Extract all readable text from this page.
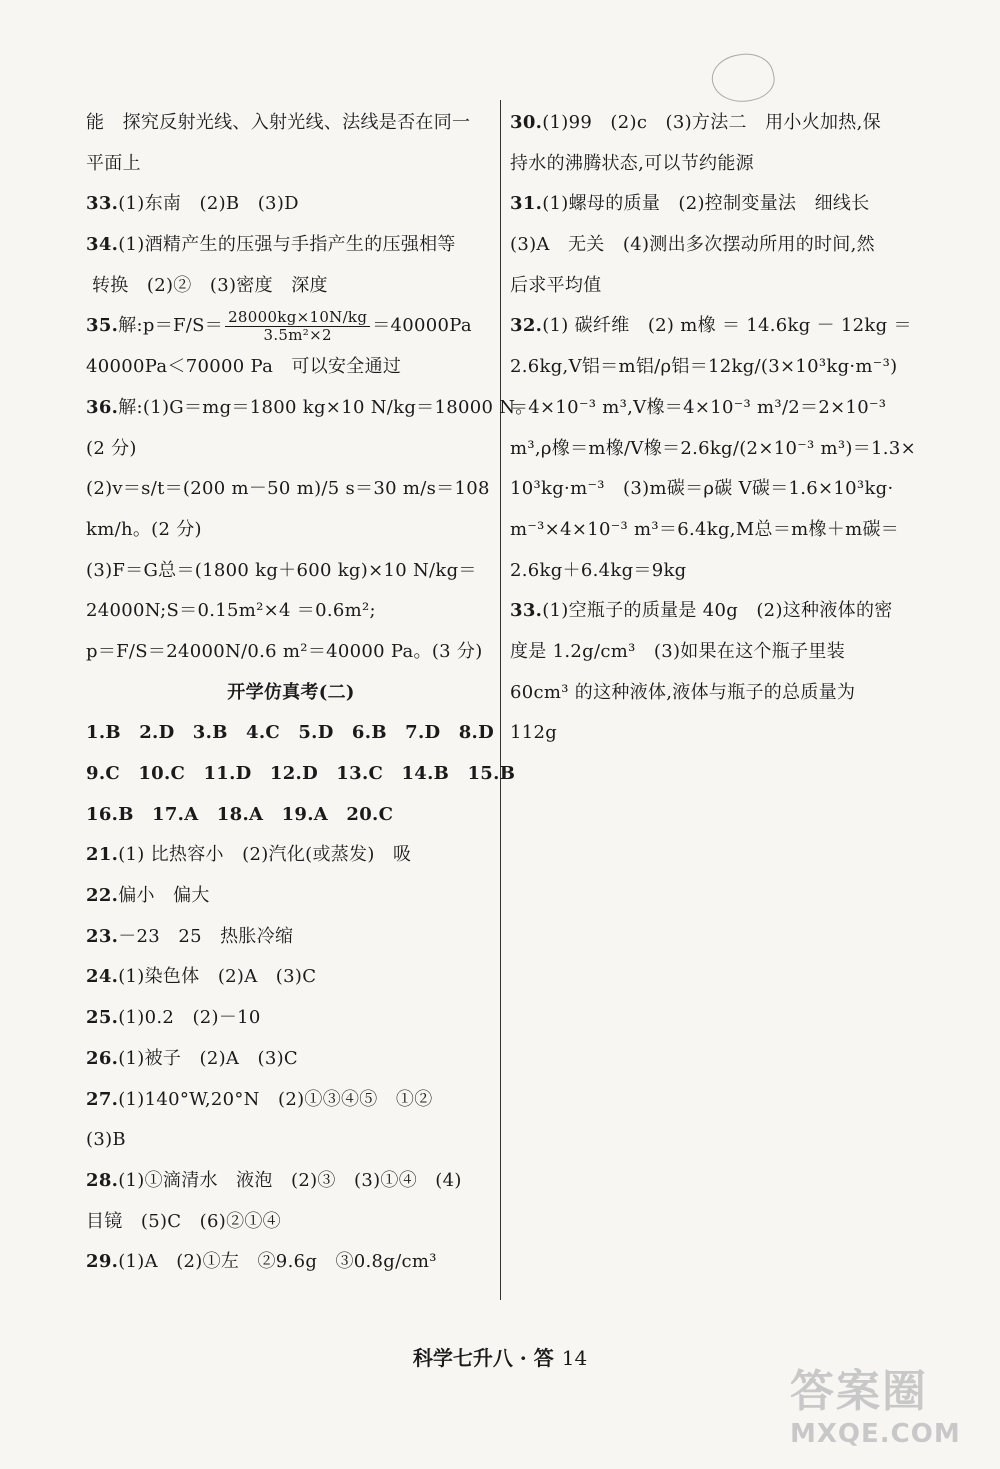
能　探究反射光线、入射光线、法线是否在同一
平面上
33.(1)东南　(2)B　(3)D
34.(1)酒精产生的压强与手指产生的压强相等
转换　(2)②　(3)密度　深度
35.解:p＝F/S＝ $\frac{28000kg\times 10N/kg}{\text{3.5m²×2}} =40000Pa$
40000Pa＜70000 Pa　可以安全通过
36.解:(1)G＝mg＝1800 kg×10 N/kg＝18000 N。
(2 分)
(2)v＝s/t＝(200 m－50 m)/5 s＝30 m/s＝108
km/h。(2 分)
(3)F＝G总＝(1800 kg＋600 kg)×10 N/kg＝
24000N;S＝0.15m²×4 ＝0.6m²;
p＝F/S＝24000N/0.6 m²＝40000 Pa。(3 分)
开学仿真考(二)
1.B　2.D　3.B　4.C　5.D　6.B　7.D　8.D
9.C　10.C　11.D　12.D　13.C　14.B　15.B
16.B　17.A　18.A　19.A　20.C
21.(1) 比热容小　(2)汽化(或蒸发)　吸
22.偏小　偏大
23.－23　25　热胀冷缩
24.(1)染色体　(2)A　(3)C
25.(1)0.2　(2)－10
26.(1)被子　(2)A　(3)C
27.(1)140°W,20°N　(2)①③④⑤　①②
(3)B
28.(1)①滴清水　液泡　(2)③　(3)①④　(4)
目镜　(5)C　(6)②①④
29.(1)A　(2)①左　②9.6g　③0.8g/cm³
30.(1)99　(2)c　(3)方法二　用小火加热,保
持水的沸腾状态,可以节约能源
31.(1)螺母的质量　(2)控制变量法　细线长
(3)A　无关　(4)测出多次摆动所用的时间,然
后求平均值
32.(1) 碳纤维　(2) m橡 ＝ 14.6kg － 12kg ＝
2.6kg,V铝＝m铝/ρ铝＝12kg/(3×10³kg·m⁻³)
＝4×10⁻³ m³,V橡＝4×10⁻³ m³/2＝2×10⁻³
m³,ρ橡＝m橡/V橡＝2.6kg/(2×10⁻³ m³)＝1.3×
10³kg·m⁻³　(3)m碳＝ρ碳 V碳＝1.6×10³kg·
m⁻³×4×10⁻³ m³＝6.4kg,M总＝m橡＋m碳＝
2.6kg＋6.4kg＝9kg
33.(1)空瓶子的质量是 40g　(2)这种液体的密
度是 1.2g/cm³　(3)如果在这个瓶子里装
60cm³ 的这种液体,液体与瓶子的总质量为
112g
科学七升八 · 答 14
答案圈
MXQE.COM
